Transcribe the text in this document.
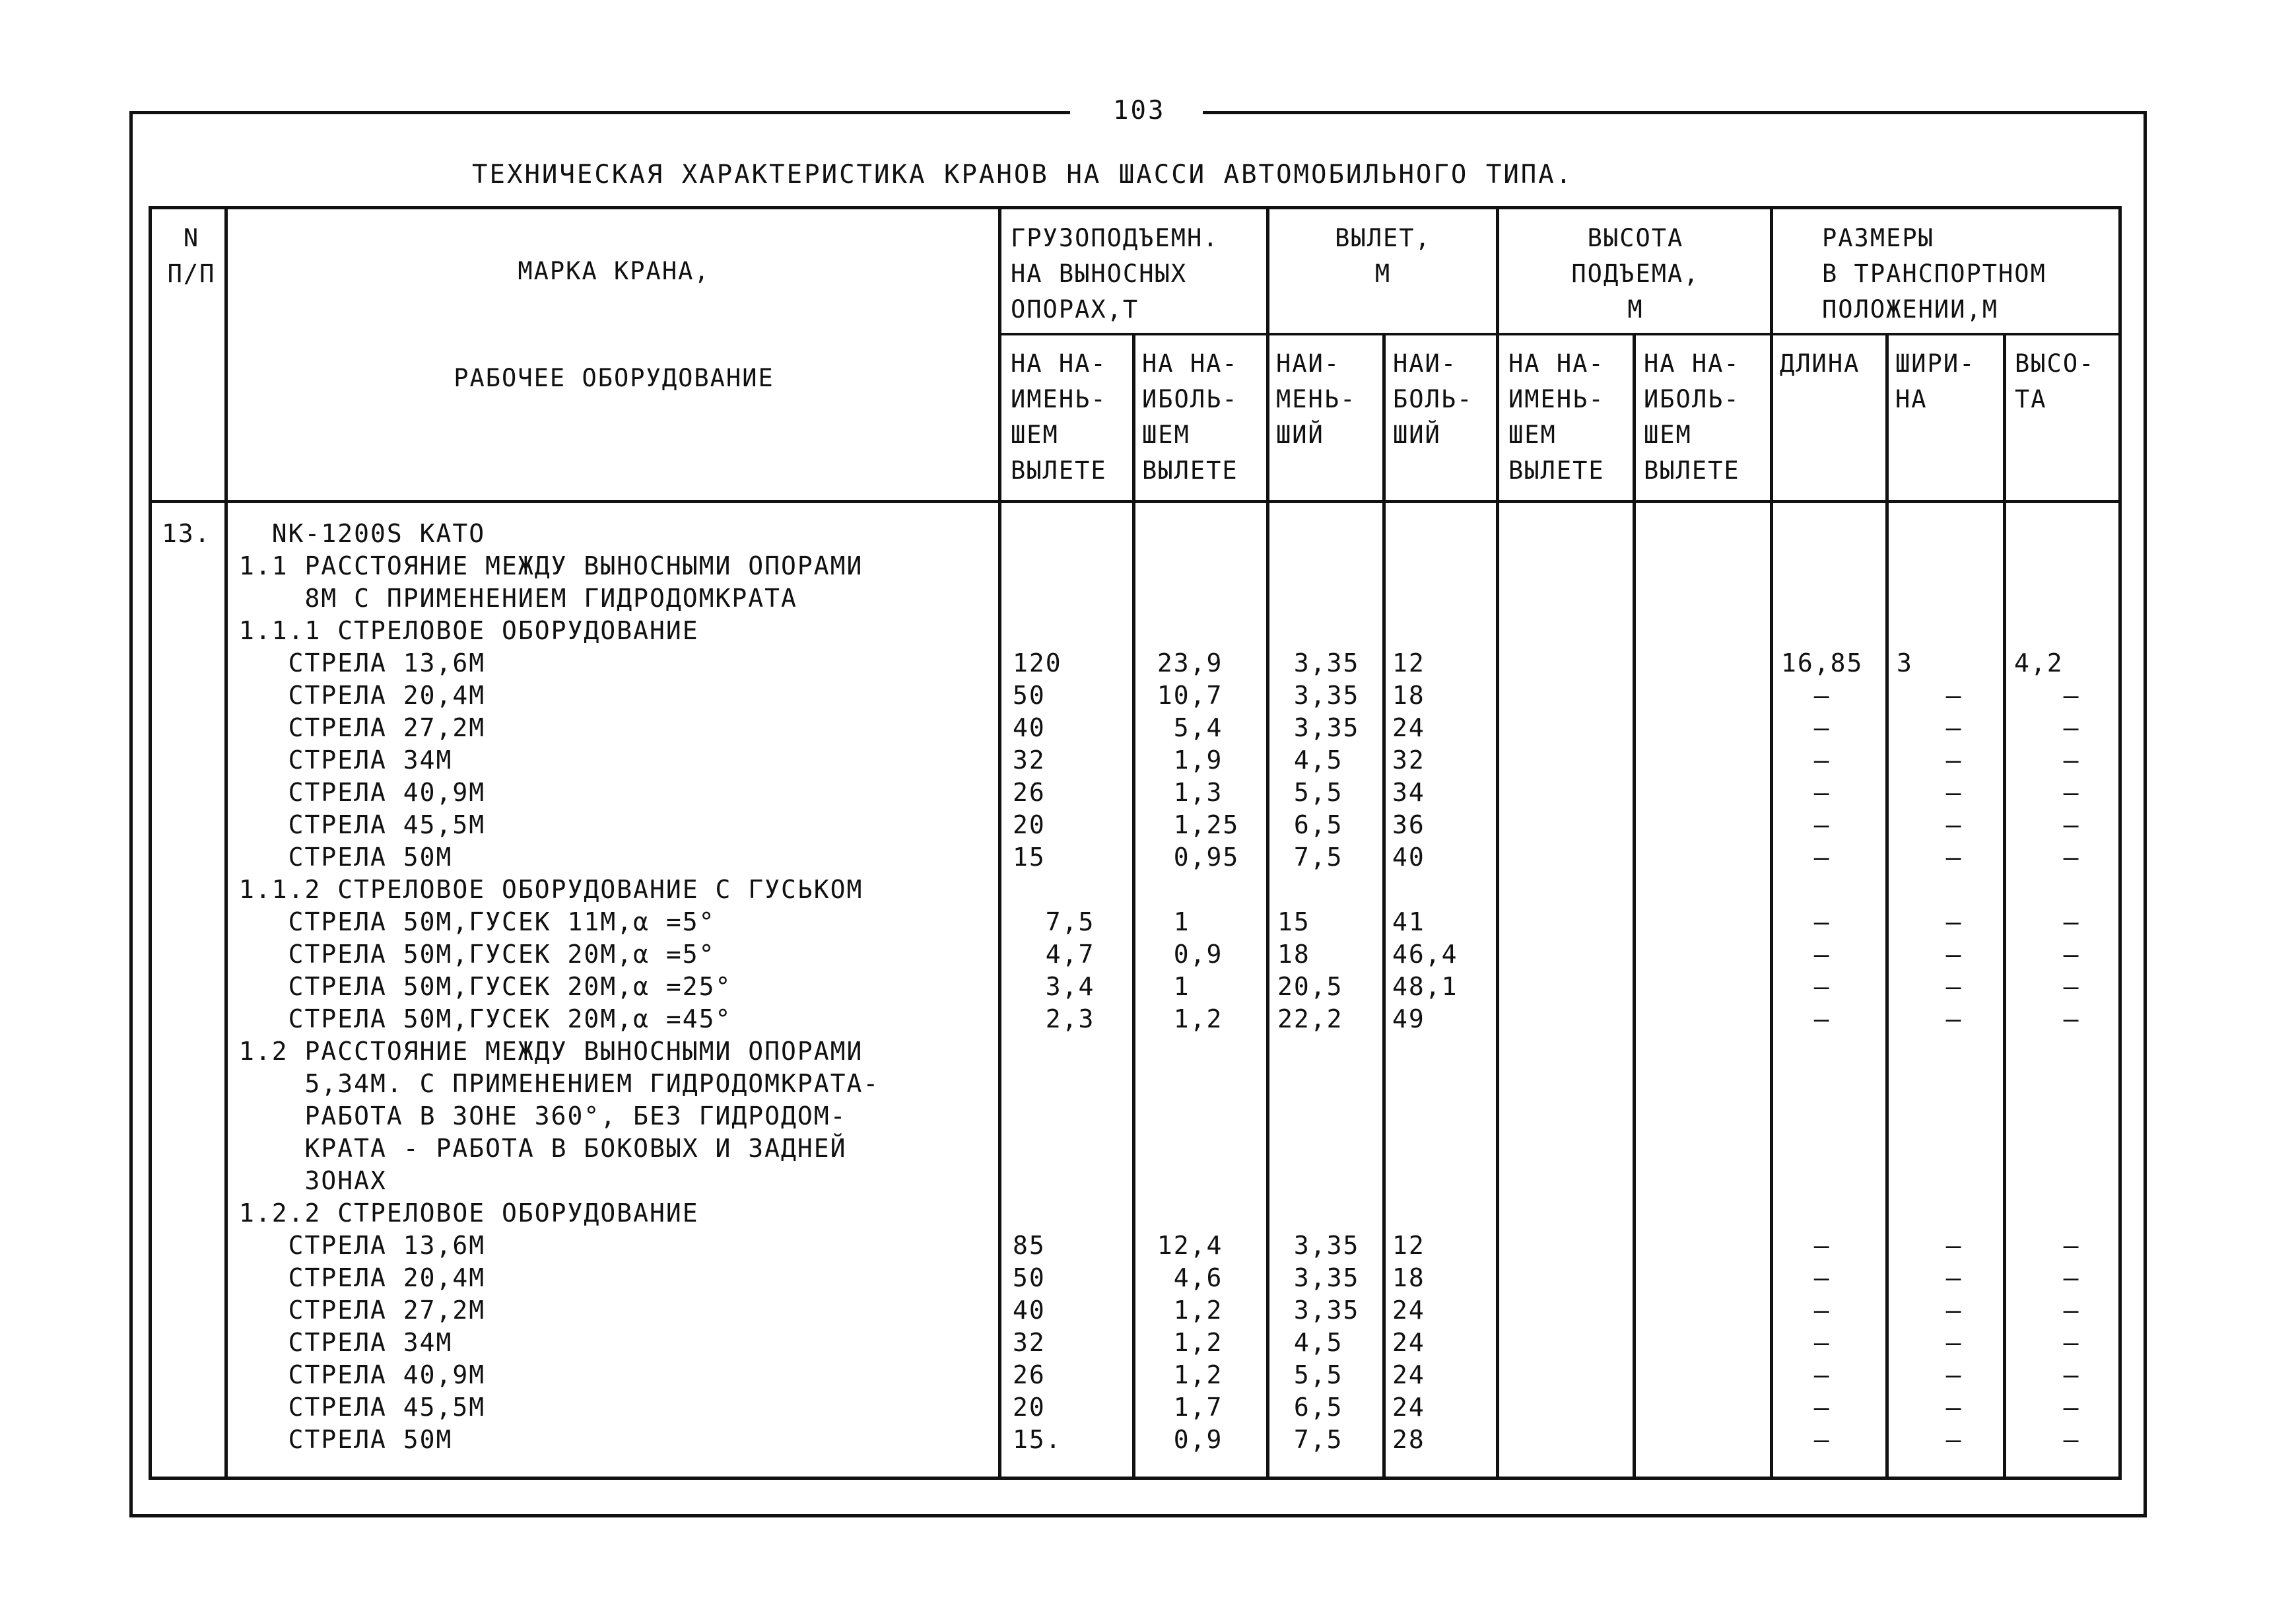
103
ТЕХНИЧЕСКАЯ ХАРАКТЕРИСТИКА КРАНОВ НА ШАССИ АВТОМОБИЛЬНОГО ТИПА.
N
П/П	МАРКА КРАНА,

РАБОЧЕЕ ОБОРУДОВАНИЕ
ГРУЗОПОДЪЕМН.
НА ВЫНОСНЫХ
ОПОРАХ,Т
ВЫЛЕТ,
М
ВЫСОТА
ПОДЪЕМА,
М
РАЗМЕРЫ
В ТРАНСПОРТНОМ
ПОЛОЖЕНИИ,М
НА НА-
ИМЕНЬ-
ШЕМ
ВЫЛЕТЕ
НА НА-
ИБОЛЬ-
ШЕМ
ВЫЛЕТЕ
НАИ-
МЕНЬ-
ШИЙ
НАИ-
БОЛЬ-
ШИЙ
НА НА-
ИМЕНЬ-
ШЕМ
ВЫЛЕТЕ
НА НА-
ИБОЛЬ-
ШЕМ
ВЫЛЕТЕ
ДЛИНА ШИРИ-
НА
ВЫСО-
ТА
13.	NK-1200S КАТО
1.1 РАССТОЯНИЕ МЕЖДУ ВЫНОСНЫМИ ОПОРАМИ
8М С ПРИМЕНЕНИЕМ ГИДРОДОМКРАТА
1.1.1 СТРЕЛОВОЕ ОБОРУДОВАНИЕ
СТРЕЛА 13,6М
СТРЕЛА 20,4М
СТРЕЛА 27,2М
СТРЕЛА 34М
СТРЕЛА 40,9М
СТРЕЛА 45,5М
СТРЕЛА 50М
1.1.2 СТРЕЛОВОЕ ОБОРУДОВАНИЕ С ГУСЬКОМ
СТРЕЛА 50М,ГУСЕК 11М,α =5°
СТРЕЛА 50М,ГУСЕК 20М,α =5°
СТРЕЛА 50М,ГУСЕК 20М,α =25°
СТРЕЛА 50М,ГУСЕК 20М,α =45°
1.2 РАССТОЯНИЕ МЕЖДУ ВЫНОСНЫМИ ОПОРАМИ
5,34М. С ПРИМЕНЕНИЕМ ГИДРОДОМКРАТА-
РАБОТА В ЗОНЕ 360°, БЕЗ ГИДРОДОМ-
КРАТА - РАБОТА В БОКОВЫХ И ЗАДНЕЙ
ЗОНАХ
1.2.2 СТРЕЛОВОЕ ОБОРУДОВАНИЕ
СТРЕЛА 13,6М
СТРЕЛА 20,4М
СТРЕЛА 27,2М
СТРЕЛА 34М
СТРЕЛА 40,9М
СТРЕЛА 45,5М
СТРЕЛА 50М

120
50
40
32
26
20
15

7,5
4,7
3,4
2,3

85
50
40
32
26
20
15.

23,9
10,7
5,4
1,9
1,3
1,25
0,95

1
0,9
1
1,2

12,4
4,6
1,2
1,2
1,2
1,7
0,9

3,35
3,35
3,35
4,5
5,5
6,5
7,5

15
18
20,5
22,2

3,35
3,35
3,35
4,5
5,5
6,5
7,5

12
18
24
32
34
36
40

41
46,4
48,1
49

12
18
24
24
24
24
28

16,85
–
–
–
–
–
–

–
–
–
–

–
–
–
–
–
–
–

3
–
–
–
–
–
–

–
–
–
–

–
–
–
–
–
–
–

4,2
–
–
–
–
–
–

–
–
–
–

–
–
–
–
–
–
–
